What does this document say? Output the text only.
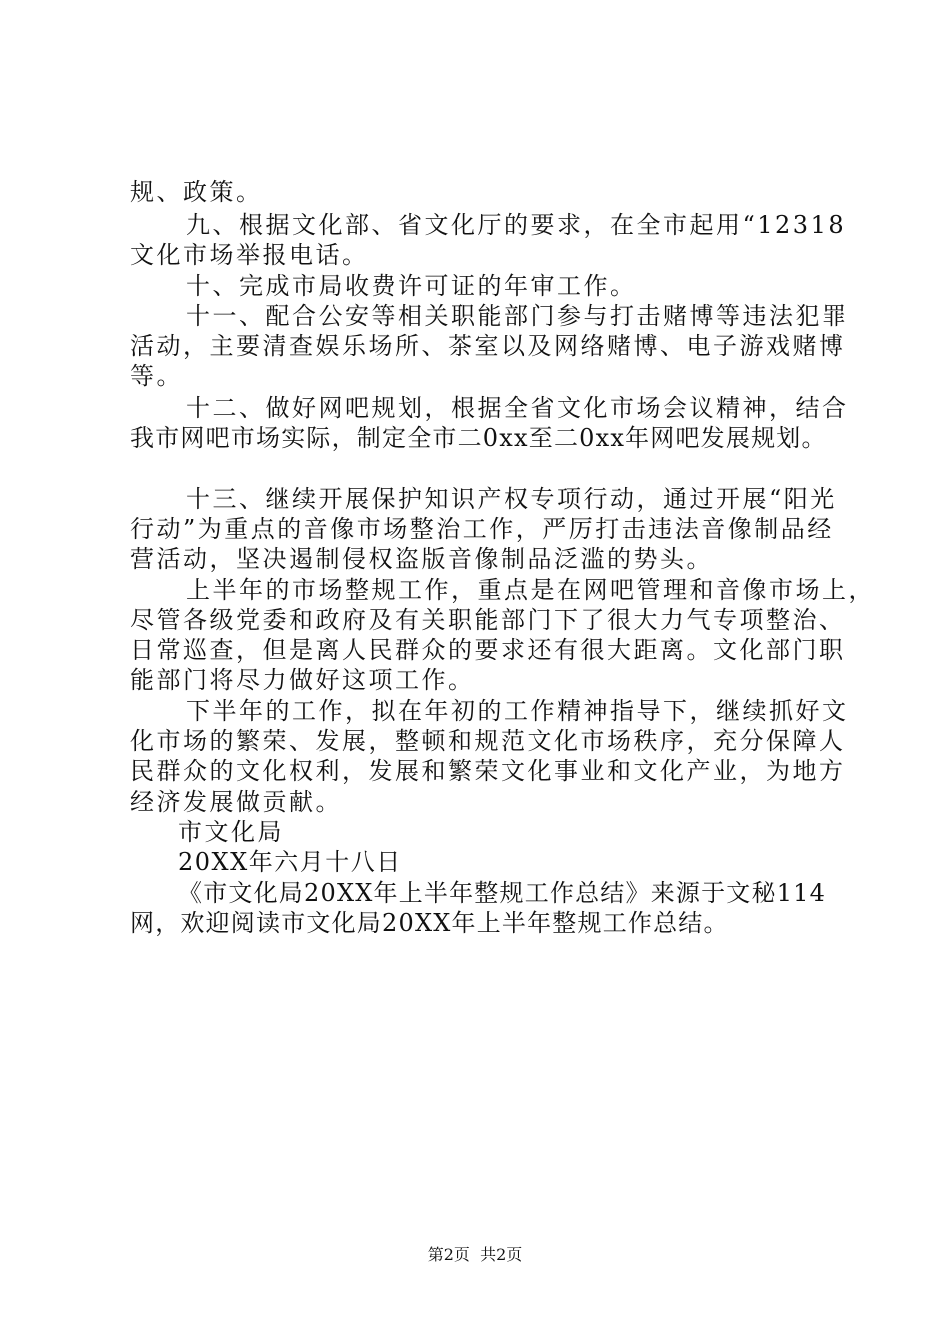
规、政策。
九、根据文化部、省文化厅的要求，在全市起用“12318
文化市场举报电话。
十、完成市局收费许可证的年审工作。
十一、配合公安等相关职能部门参与打击赌博等违法犯罪
活动，主要清查娱乐场所、茶室以及网络赌博、电子游戏赌博
等。
十二、做好网吧规划，根据全省文化市场会议精神，结合
我市网吧市场实际，制定全市二0xx至二0xx年网吧发展规划。
十三、继续开展保护知识产权专项行动，通过开展“阳光
行动”为重点的音像市场整治工作，严厉打击违法音像制品经
营活动，坚决遏制侵权盗版音像制品泛滥的势头。
上半年的市场整规工作，重点是在网吧管理和音像市场上，
尽管各级党委和政府及有关职能部门下了很大力气专项整治、
日常巡查，但是离人民群众的要求还有很大距离。文化部门职
能部门将尽力做好这项工作。
下半年的工作，拟在年初的工作精神指导下，继续抓好文
化市场的繁荣、发展，整顿和规范文化市场秩序，充分保障人
民群众的文化权利，发展和繁荣文化事业和文化产业，为地方
经济发展做贡献。
市文化局
20XX年六月十八日
《市文化局20XX年上半年整规工作总结》来源于文秘114
网，欢迎阅读市文化局20XX年上半年整规工作总结。
第2页  共2页
